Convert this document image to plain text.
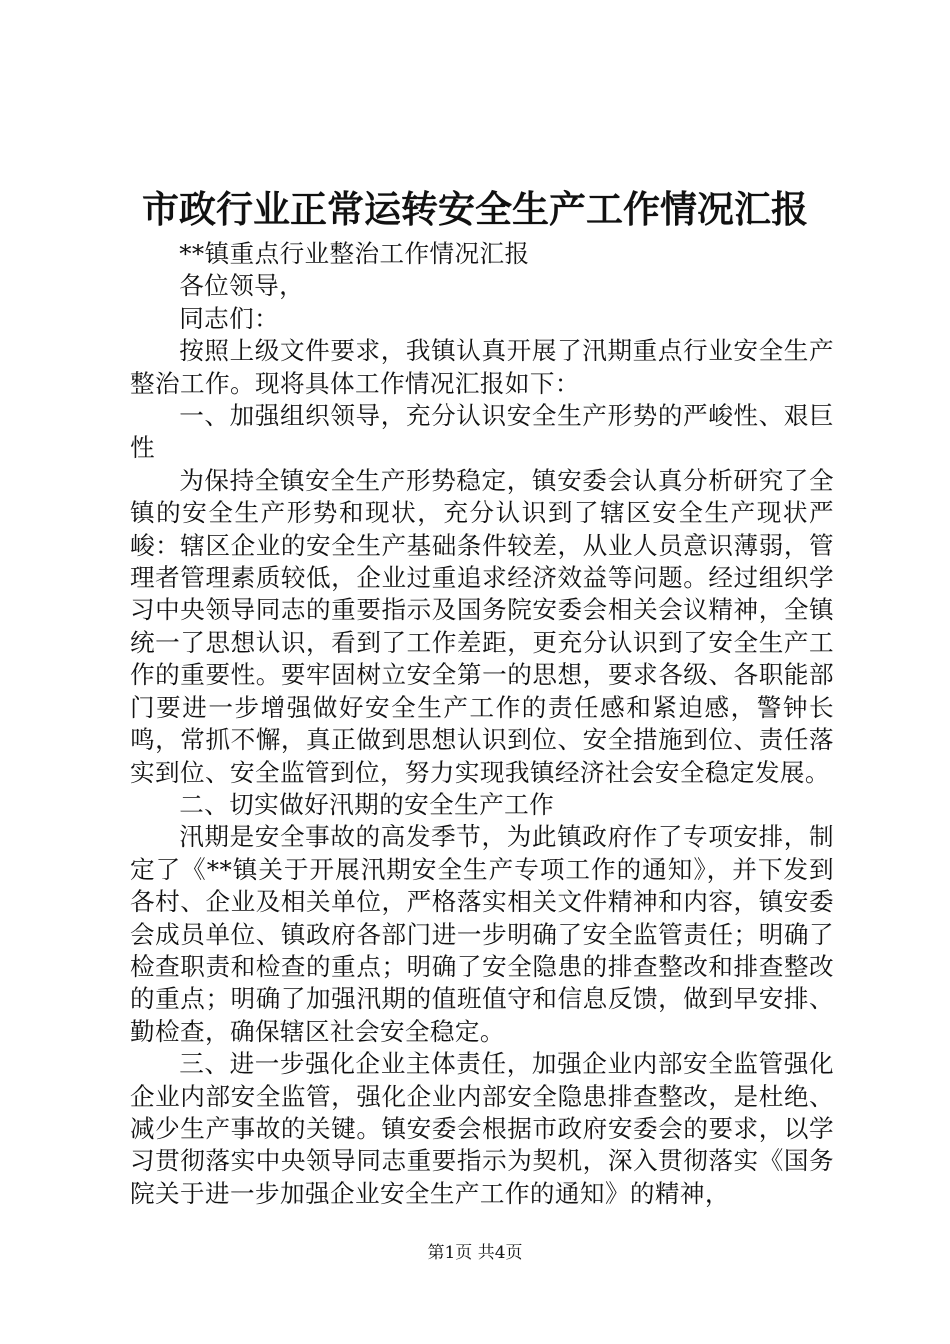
市政行业正常运转安全生产工作情况汇报

**镇重点行业整治工作情况汇报

各位领导，

同志们：

按照上级文件要求，我镇认真开展了汛期重点行业安全生产整治工作。现将具体工作情况汇报如下：

一、加强组织领导，充分认识安全生产形势的严峻性、艰巨性

为保持全镇安全生产形势稳定，镇安委会认真分析研究了全镇的安全生产形势和现状，充分认识到了辖区安全生产现状严峻：辖区企业的安全生产基础条件较差，从业人员意识薄弱，管理者管理素质较低，企业过重追求经济效益等问题。经过组织学习中央领导同志的重要指示及国务院安委会相关会议精神，全镇统一了思想认识，看到了工作差距，更充分认识到了安全生产工作的重要性。要牢固树立安全第一的思想，要求各级、各职能部门要进一步增强做好安全生产工作的责任感和紧迫感，警钟长鸣，常抓不懈，真正做到思想认识到位、安全措施到位、责任落实到位、安全监管到位，努力实现我镇经济社会安全稳定发展。

二、切实做好汛期的安全生产工作

汛期是安全事故的高发季节，为此镇政府作了专项安排，制定了《**镇关于开展汛期安全生产专项工作的通知》，并下发到各村、企业及相关单位，严格落实相关文件精神和内容，镇安委会成员单位、镇政府各部门进一步明确了安全监管责任；明确了检查职责和检查的重点；明确了安全隐患的排查整改和排查整改的重点；明确了加强汛期的值班值守和信息反馈，做到早安排、勤检查，确保辖区社会安全稳定。

三、进一步强化企业主体责任，加强企业内部安全监管强化企业内部安全监管，强化企业内部安全隐患排查整改，是杜绝、减少生产事故的关键。镇安委会根据市政府安委会的要求，以学习贯彻落实中央领导同志重要指示为契机，深入贯彻落实《国务院关于进一步加强企业安全生产工作的通知》的精神，

第1页 共4页
